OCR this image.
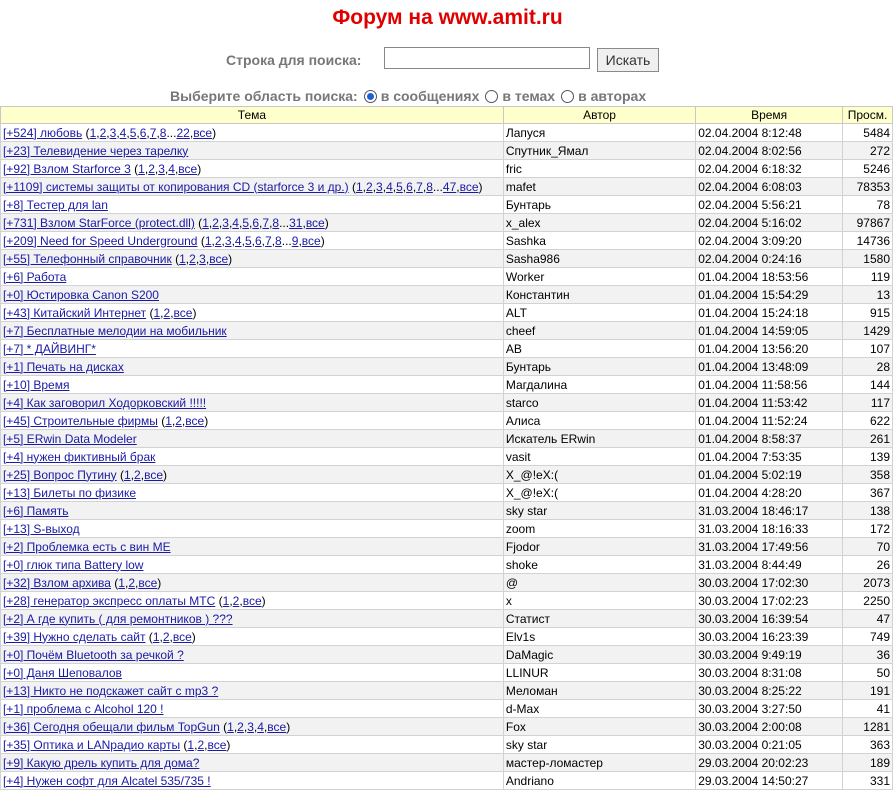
Форум на www.amit.ru
Строка для поиска:	Искать
Выберите область поиска: в сообщениях в темах в авторах
Тема	Автор	Время	Просм.
[+524] любовь (1,2,3,4,5,6,7,8...22,все)	Лапуся	02.04.2004 8:12:48	5484
[+23] Телевидение через тарелку	Спутник_Ямал	02.04.2004 8:02:56	272
[+92] Взлом Starforce 3 (1,2,3,4,все)	fric	02.04.2004 6:18:32	5246
[+1109] системы защиты от копирования CD (starforce 3 и др.) (1,2,3,4,5,6,7,8...47,все)	mafet	02.04.2004 6:08:03	78353
[+8] Тестер для lan	Бунтарь	02.04.2004 5:56:21	78
[+731] Взлом StarForce (protect.dll) (1,2,3,4,5,6,7,8...31,все)	x_alex	02.04.2004 5:16:02	97867
[+209] Need for Speed Underground (1,2,3,4,5,6,7,8...9,все)	Sashka	02.04.2004 3:09:20	14736
[+55] Телефонный справочник (1,2,3,все)	Sasha986	02.04.2004 0:24:16	1580
[+6] Работа	Worker	01.04.2004 18:53:56	119
[+0] Юстировка Canon S200	Константин	01.04.2004 15:54:29	13
[+43] Китайский Интернет (1,2,все)	ALT	01.04.2004 15:24:18	915
[+7] Бесплатные мелодии на мобильник	cheef	01.04.2004 14:59:05	1429
[+7] * ДАЙВИНГ*	AB	01.04.2004 13:56:20	107
[+1] Печать на дисках	Бунтарь	01.04.2004 13:48:09	28
[+10] Время	Магдалина	01.04.2004 11:58:56	144
[+4] Как заговорил Ходорковский !!!!!	starco	01.04.2004 11:53:42	117
[+45] Строительные фирмы (1,2,все)	Алиса	01.04.2004 11:52:24	622
[+5] ERwin Data Modeler	Искатель ERwin	01.04.2004 8:58:37	261
[+4] нужен фиктивный брак	vasit	01.04.2004 7:53:35	139
[+25] Вопрос Путину (1,2,все)	X_@!eX:(	01.04.2004 5:02:19	358
[+13] Билеты по физике	X_@!eX:(	01.04.2004 4:28:20	367
[+6] Память	sky star	31.03.2004 18:46:17	138
[+13] S-выход	zoom	31.03.2004 18:16:33	172
[+2] Проблемка есть с вин ME	Fjodor	31.03.2004 17:49:56	70
[+0] глюк типа Battery low	shoke	31.03.2004 8:44:49	26
[+32] Взлом архива (1,2,все)	@	30.03.2004 17:02:30	2073
[+28] генератор экспресс оплаты МТС (1,2,все)	x	30.03.2004 17:02:23	2250
[+2] А где купить ( для ремонтников ) ???	Статист	30.03.2004 16:39:54	47
[+39] Нужно сделать сайт (1,2,все)	Elv1s	30.03.2004 16:23:39	749
[+0] Почём Bluetooth за речкой ?	DaMagic	30.03.2004 9:49:19	36
[+0] Даня Шеповалов	LLINUR	30.03.2004 8:31:08	50
[+13] Никто не подскажет сайт с mp3 ?	Меломан	30.03.2004 8:25:22	191
[+1] проблема с Alcohol 120 !	d-Max	30.03.2004 3:27:50	41
[+36] Сегодня обещали фильм TopGun (1,2,3,4,все)	Fox	30.03.2004 2:00:08	1281
[+35] Оптика и LANрадио карты (1,2,все)	sky star	30.03.2004 0:21:05	363
[+9] Какую дрель купить для дома?	мастер-ломастер	29.03.2004 20:02:23	189
[+4] Нужен софт для Alcatel 535/735 !	Andriano	29.03.2004 14:50:27	331
